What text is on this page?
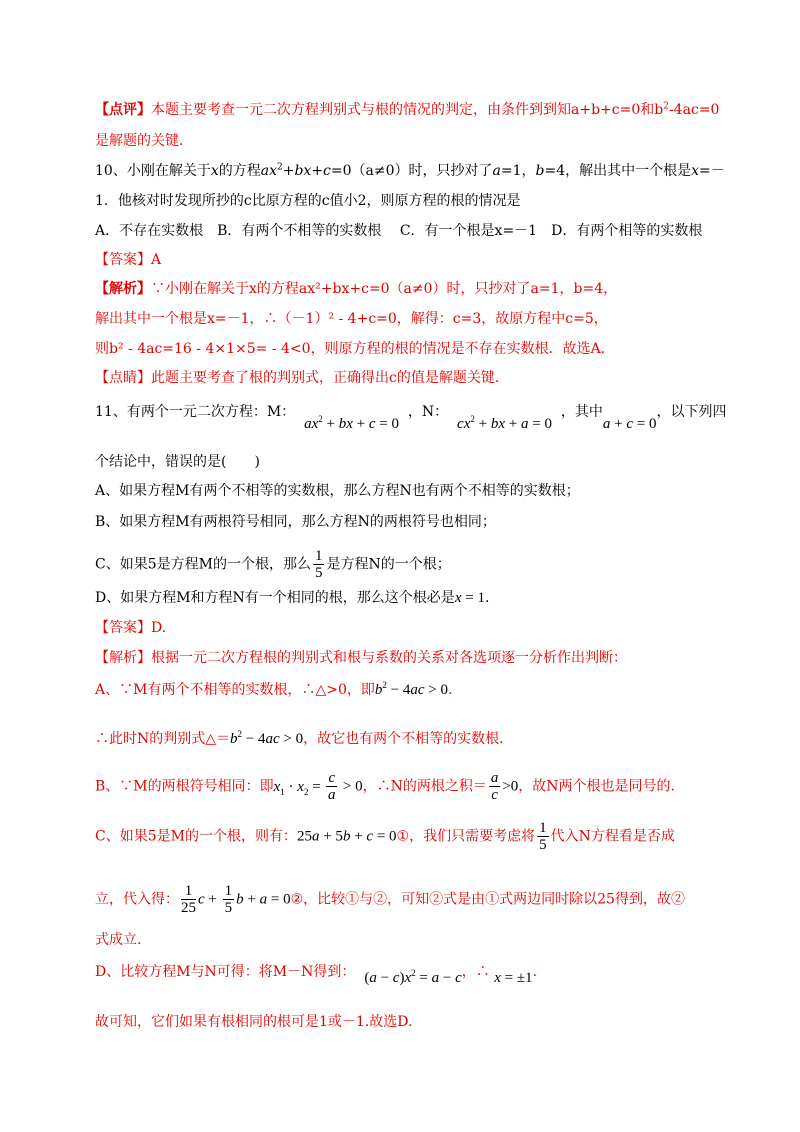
【点评】本题主要考查一元二次方程判别式与根的情况的判定，由条件到到知a+b+c=0和$b^2-4ac=0$
是解题的关键．
10、小刚在解关于x的方程$ax^2+bx+c=0(a\ne 0)$时，只抄对了a=1，b=4，解出其中一个根是x=－
1．他核对时发现所抄的c比原方程的c值小2，则原方程的根的情况是
A．不存在实数根　B．有两个不相等的实数根　 C．有一个根是x=－1　D．有两个相等的实数根
【答案】A
【解析】∵小刚在解关于x的方程ax²+bx+c=0（a≠0）时，只抄对了a=1，b=4，
解出其中一个根是x=－1，∴（－1）² - 4+c=0，解得：c=3，故原方程中c=5，
则b² - 4ac=16 - 4×1×5= - 4<0，则原方程的根的情况是不存在实数根．故选A．
【点睛】此题主要考查了根的判别式，正确得出c的值是解题关键．
11、有两个一元二次方程：M：  $ax^2$ + bx + c = 0  ，N：  $cx^2$ + bx + a = 0  ，其中a + c = 0，以下列四
个结论中，错误的是(　　)
A、如果方程M有两个不相等的实数根，那么方程N也有两个不相等的实数根；
B、如果方程M有两根符号相同，那么方程N的两根符号也相同；
C、如果5是方程M的一个根，那么 $\frac{1}{5}$ 是方程N的一个根；
D、如果方程M和方程N有一个相同的根，那么这个根必是x = 1.
【答案】D.
【解析】根据一元二次方程根的判别式和根与系数的关系对各选项逐一分析作出判断：
A、∵M有两个不相等的实数根，∴△>0，即$b^2 - 4ac > 0$.
∴此时N的判别式$\triangle=b^2 - 4ac > 0$，故它也有两个不相等的实数根.
B、∵M的两根符号相同：即$x_1 \cdot x_2 = \frac{c}{a} > 0$，∴N的两根之积＝ $\frac{a}{c} >0$，故N两个根也是同号的.
C、如果5是M的一个根，则有：25a + 5b + c = 0①，我们只需要考虑将 $\frac{1}{5}$ 代入N方程看是否成
立，代入得： $\frac{1}{25}$ $c + \frac{1}{5}$ b + a = 0②，比较①与②，可知②式是由①式两边同时除以25得到，故②
式成立.
D、比较方程M与N可得：将M－N得到： $(a - c)x^2 = a - c$，∴ x = ±1.
故可知，它们如果有根相同的根可是1或－1.故选D.
